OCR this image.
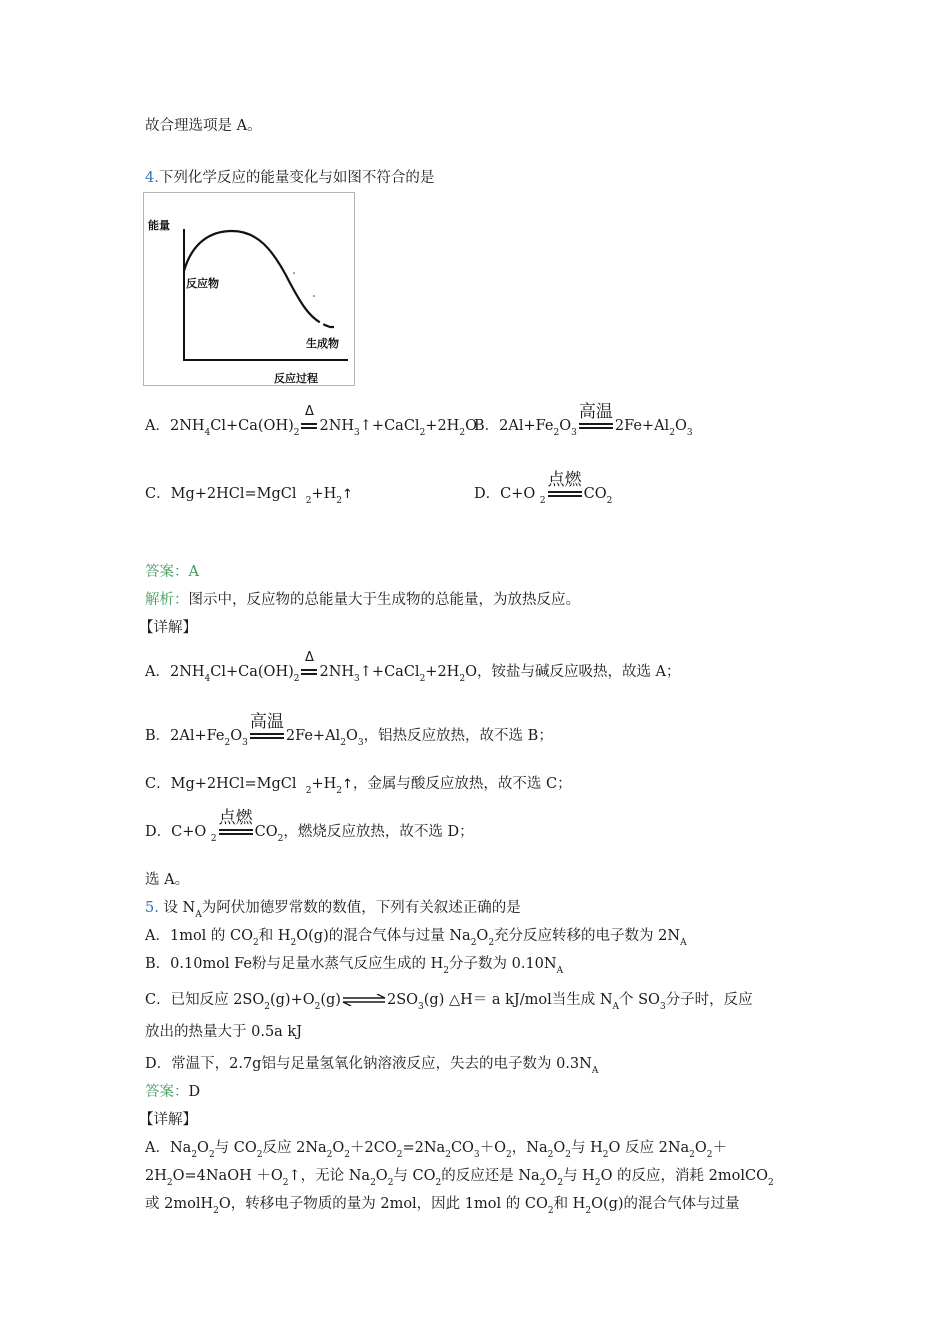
故合理选项是 A。
4.下列化学反应的能量变化与如图不符合的是
能量
反应物
生成物
反应过程
A．$2NH_4Cl+Ca(OH)_2$
Δ
$2NH_3↑+CaCl_2+2H_2O$
B．$2Al+Fe_2O_3$
高温
$2Fe+Al_2O_3$
C．Mg+2HCl=MgCl $_2+H_2↑$	D．C+O $_2$
点燃
$CO_2$
答案：A
解析：图示中，反应物的总能量大于生成物的总能量，为放热反应。
【详解】
A．$2NH_4Cl+Ca(OH)_2$
Δ
$2NH_3↑+CaCl_2+2H_2O$，铵盐与碱反应吸热，故选 A；
B．$2Al+Fe_2O_3$
高温
$2Fe+Al_2O_3$，铝热反应放热，故不选 B；
C．Mg+2HCl=MgCl $_2+H_2↑$，金属与酸反应放热，故不选 C；
D．C+O $_2$
点燃
$CO_2$，燃烧反应放热，故不选 D；
选 A。
5. 设 $N_A$为阿伏加德罗常数的数值，下列有关叙述正确的是
A．1mol 的 $CO_2$和 $H_2O(g)$的混合气体与过量 $Na_2O_2$充分反应转移的电子数为 $2N_A$
B．0.10mol Fe粉与足量水蒸气反应生成的 $H_2$分子数为 $0.10N_A$
C．已知反应 $2SO_2(g)+O_2(g)\rightleftharpoons 2SO_3(g)$ △H＝ a kJ/mol当生成 $N_A$个 $SO_3$分子时，反应
放出的热量大于 0.5a kJ
D．常温下，2.7g铝与足量氢氧化钠溶液反应，失去的电子数为 $0.3N_A$
答案：D
【详解】
A．$Na_2O_2$与 $CO_2$反应 $2Na_2O_2+2CO_2=2Na_2CO_3+O_2$，$Na_2O_2$与 $H_2O$ 反应 $2Na_2O_2+$
$2H_2O=4NaOH$ $+O_2↑$，无论 $Na_2O_2$与 $CO_2$的反应还是 $Na_2O_2$与 $H_2O$ 的反应，消耗 2molCO$_2$
或 2molH$_2$O，转移电子物质的量为 2mol，因此 1mol 的 $CO_2$和 $H_2O(g)$的混合气体与过量
